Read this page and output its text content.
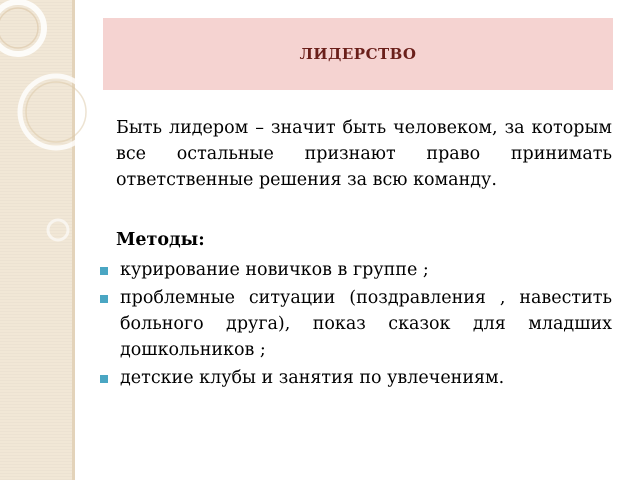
ЛИДЕРСТВО

Быть лидером – значит быть человеком, за которым все остальные признают право принимать ответственные решения за всю команду.

Методы:

курирование новичков в группе ;
проблемные ситуации (поздравления , навестить больного друга), показ сказок для младших дошкольников ;
детские клубы и занятия по увлечениям.
